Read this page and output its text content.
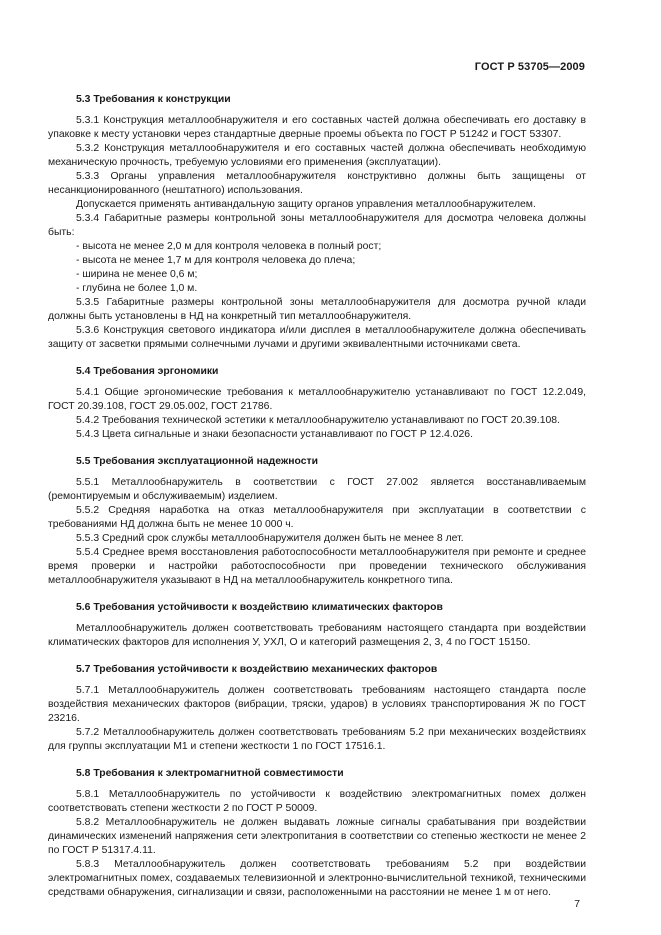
ГОСТ Р 53705—2009

5.3 Требования к конструкции

5.3.1 Конструкция металлообнаружителя и его составных частей должна обеспечивать его доставку в упаковке к месту установки через стандартные дверные проемы объекта по ГОСТ Р 51242 и ГОСТ 53307.

5.3.2 Конструкция металлообнаружителя и его составных частей должна обеспечивать необходимую механическую прочность, требуемую условиями его применения (эксплуатации).

5.3.3 Органы управления металлообнаружителя конструктивно должны быть защищены от несанкционированного (нештатного) использования.

Допускается применять антивандальную защиту органов управления металлообнаружителем.

5.3.4 Габаритные размеры контрольной зоны металлообнаружителя для досмотра человека должны быть:

- высота не менее 2,0 м для контроля человека в полный рост;

- высота не менее 1,7 м для контроля человека до плеча;

- ширина не менее 0,6 м;

- глубина не более 1,0 м.

5.3.5 Габаритные размеры контрольной зоны металлообнаружителя для досмотра ручной клади должны быть установлены в НД на конкретный тип металлообнаружителя.

5.3.6 Конструкция светового индикатора и/или дисплея в металлообнаружителе должна обеспечивать защиту от засветки прямыми солнечными лучами и другими эквивалентными источниками света.

5.4 Требования эргономики

5.4.1 Общие эргономические требования к металлообнаружителю устанавливают по ГОСТ 12.2.049, ГОСТ 20.39.108, ГОСТ 29.05.002, ГОСТ 21786.

5.4.2 Требования технической эстетики к металлообнаружителю устанавливают по ГОСТ 20.39.108.

5.4.3 Цвета сигнальные и знаки безопасности устанавливают по ГОСТ Р 12.4.026.

5.5 Требования эксплуатационной надежности

5.5.1 Металлообнаружитель в соответствии с ГОСТ 27.002 является восстанавливаемым (ремонтируемым и обслуживаемым) изделием.

5.5.2 Средняя наработка на отказ металлообнаружителя при эксплуатации в соответствии с требованиями НД должна быть не менее 10 000 ч.

5.5.3 Средний срок службы металлообнаружителя должен быть не менее 8 лет.

5.5.4 Среднее время восстановления работоспособности металлообнаружителя при ремонте и среднее время проверки и настройки работоспособности при проведении технического обслуживания металлообнаружителя указывают в НД на металлообнаружитель конкретного типа.

5.6 Требования устойчивости к воздействию климатических факторов

Металлообнаружитель должен соответствовать требованиям настоящего стандарта при воздействии климатических факторов для исполнения У, УХЛ, О и категорий размещения 2, 3, 4 по ГОСТ 15150.

5.7 Требования устойчивости к воздействию механических факторов

5.7.1 Металлообнаружитель должен соответствовать требованиям настоящего стандарта после воздействия механических факторов (вибрации, тряски, ударов) в условиях транспортирования Ж по ГОСТ 23216.

5.7.2 Металлообнаружитель должен соответствовать требованиям 5.2 при механических воздействиях для группы эксплуатации М1 и степени жесткости 1 по ГОСТ 17516.1.

5.8 Требования к электромагнитной совместимости

5.8.1 Металлообнаружитель по устойчивости к воздействию электромагнитных помех должен соответствовать степени жесткости 2 по ГОСТ Р 50009.

5.8.2 Металлообнаружитель не должен выдавать ложные сигналы срабатывания при воздействии динамических изменений напряжения сети электропитания в соответствии со степенью жесткости не менее 2 по ГОСТ Р 51317.4.11.

5.8.3 Металлообнаружитель должен соответствовать требованиям 5.2 при воздействии электромагнитных помех, создаваемых телевизионной и электронно-вычислительной техникой, техническими средствами обнаружения, сигнализации и связи, расположенными на расстоянии не менее 1 м от него.

7
